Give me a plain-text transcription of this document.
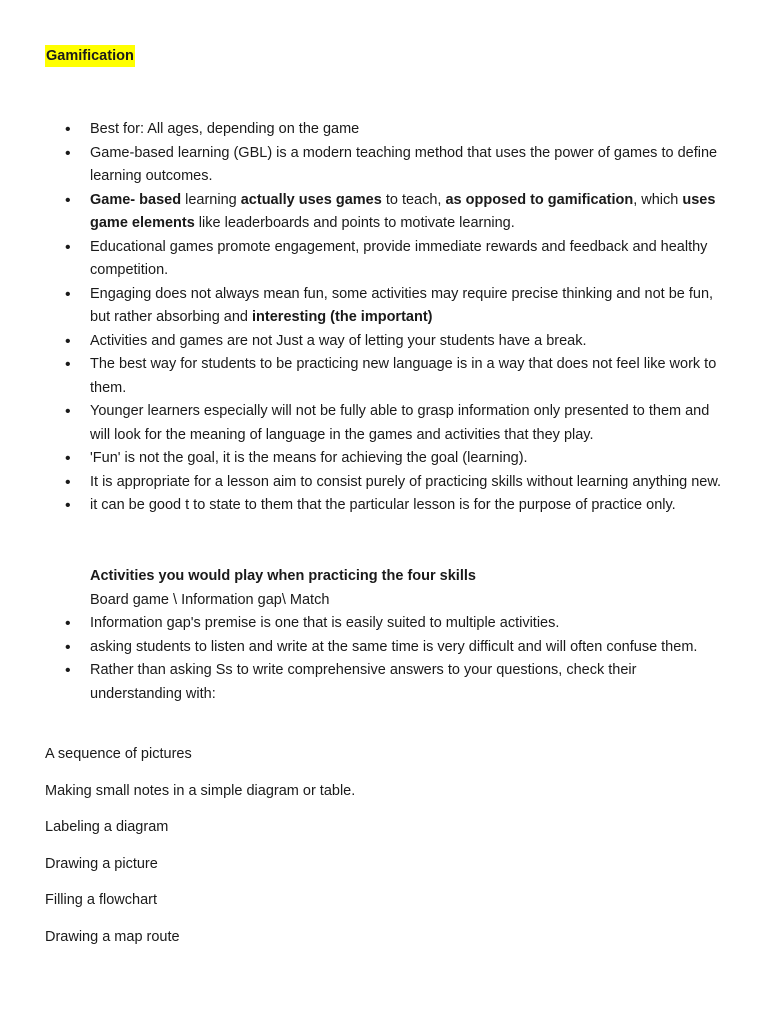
Gamification
• Best for: All ages, depending on the game
• Game-based learning (GBL) is a modern teaching method that uses the power of games to define learning outcomes.
• Game- based learning actually uses games to teach, as opposed to gamification, which uses game elements like leaderboards and points to motivate learning.
• Educational games promote engagement, provide immediate rewards and feedback and healthy competition.
• Engaging does not always mean fun, some activities may require precise thinking and not be fun, but rather absorbing and interesting (the important)
• Activities and games are not Just a way of letting your students have a break.
• The best way for students to be practicing new language is in a way that does not feel like work to them.
• Younger learners especially will not be fully able to grasp information only presented to them and will look for the meaning of language in the games and activities that they play.
• 'Fun' is not the goal, it is the means for achieving the goal (learning).
• It is appropriate for a lesson aim to consist purely of practicing skills without learning anything new.
• it can be good t to state to them that the particular lesson is for the purpose of practice only.
Activities you would play when practicing the four skills
Board game \ Information gap\ Match
• Information gap's premise is one that is easily suited to multiple activities.
• asking students to listen and write at the same time is very difficult and will often confuse them.
• Rather than asking Ss to write comprehensive answers to your questions, check their understanding with:
A sequence of pictures
Making small notes in a simple diagram or table.
Labeling a diagram
Drawing a picture
Filling a flowchart
Drawing a map route
